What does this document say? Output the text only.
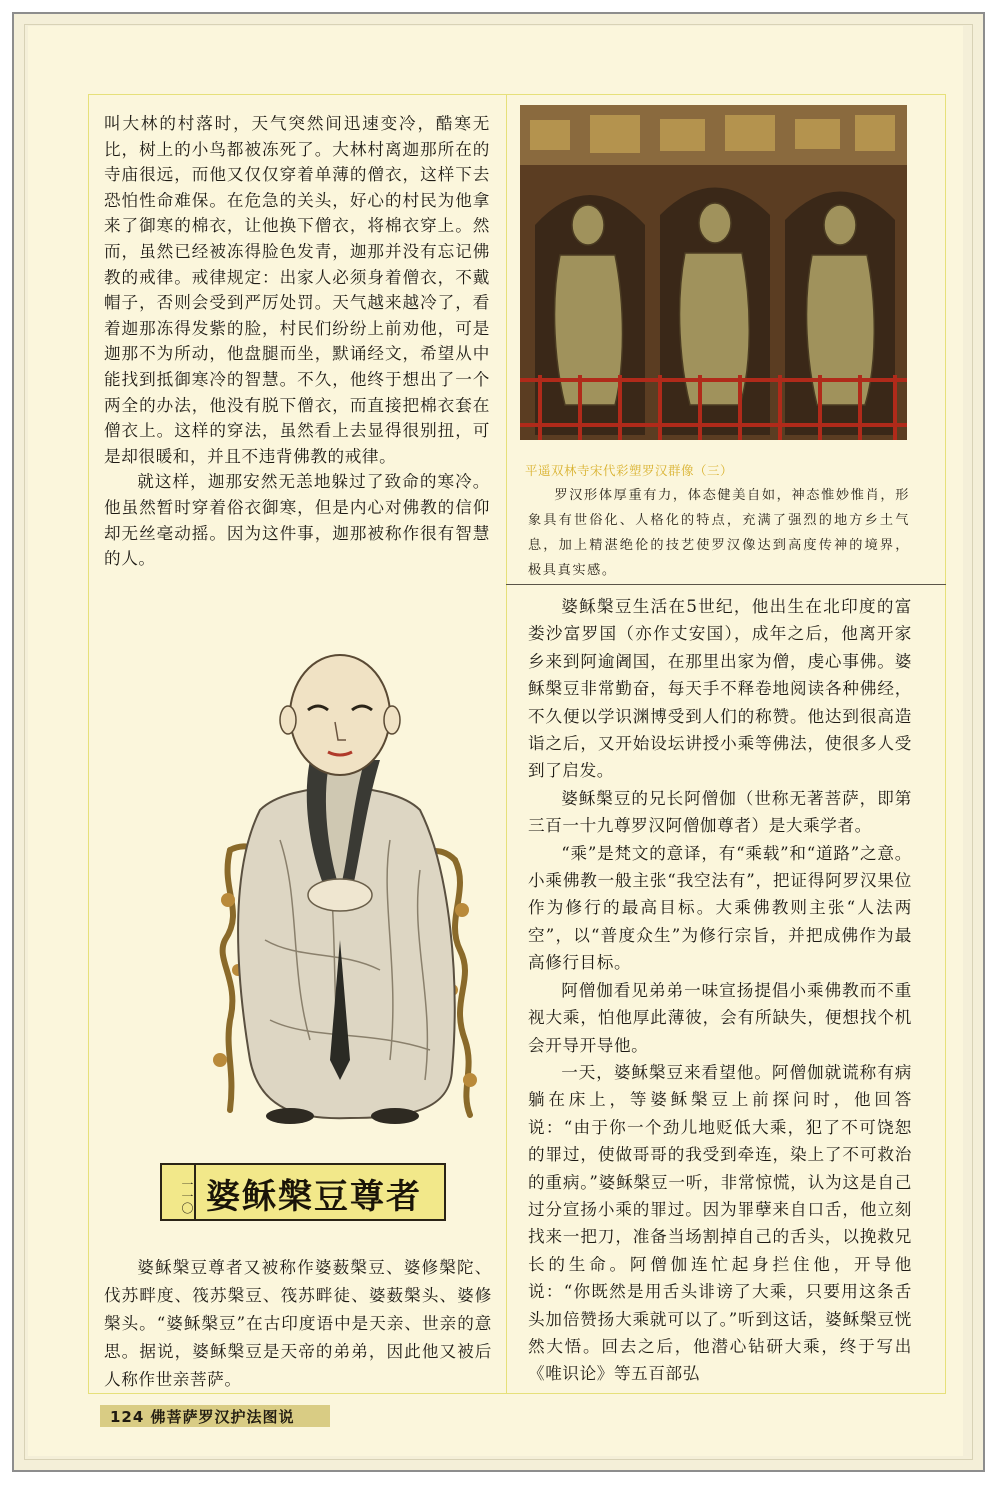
叫大林的村落时，天气突然间迅速变冷，酷寒无比，树上的小鸟都被冻死了。大林村离迦那所在的寺庙很远，而他又仅仅穿着单薄的僧衣，这样下去恐怕性命难保。在危急的关头，好心的村民为他拿来了御寒的棉衣，让他换下僧衣，将棉衣穿上。然而，虽然已经被冻得脸色发青，迦那并没有忘记佛教的戒律。戒律规定：出家人必须身着僧衣，不戴帽子，否则会受到严厉处罚。天气越来越冷了，看着迦那冻得发紫的脸，村民们纷纷上前劝他，可是迦那不为所动，他盘腿而坐，默诵经文，希望从中能找到抵御寒冷的智慧。不久，他终于想出了一个两全的办法，他没有脱下僧衣，而直接把棉衣套在僧衣上。这样的穿法，虽然看上去显得很别扭，可是却很暖和，并且不违背佛教的戒律。

就这样，迦那安然无恙地躲过了致命的寒冷。他虽然暂时穿着俗衣御寒，但是内心对佛教的信仰却无丝毫动摇。因为这件事，迦那被称作很有智慧的人。

一一〇 婆稣槃豆尊者

婆稣槃豆尊者又被称作婆薮槃豆、婆修槃陀、伐苏畔度、筏苏槃豆、筏苏畔徒、婆薮槃头、婆修槃头。“婆稣槃豆”在古印度语中是天亲、世亲的意思。据说，婆稣槃豆是天帝的弟弟，因此他又被后人称作世亲菩萨。

平遥双林寺宋代彩塑罗汉群像（三）
罗汉形体厚重有力，体态健美自如，神态惟妙惟肖，形象具有世俗化、人格化的特点，充满了强烈的地方乡土气息，加上精湛绝伦的技艺使罗汉像达到高度传神的境界，极具真实感。

婆稣槃豆生活在5世纪，他出生在北印度的富娄沙富罗国（亦作丈安国），成年之后，他离开家乡来到阿逾阇国，在那里出家为僧，虔心事佛。婆稣槃豆非常勤奋，每天手不释卷地阅读各种佛经，不久便以学识渊博受到人们的称赞。他达到很高造诣之后，又开始设坛讲授小乘等佛法，使很多人受到了启发。

婆稣槃豆的兄长阿僧伽（世称无著菩萨，即第三百一十九尊罗汉阿僧伽尊者）是大乘学者。

“乘”是梵文的意译，有“乘载”和“道路”之意。小乘佛教一般主张“我空法有”，把证得阿罗汉果位作为修行的最高目标。大乘佛教则主张“人法两空”，以“普度众生”为修行宗旨，并把成佛作为最高修行目标。

阿僧伽看见弟弟一味宣扬提倡小乘佛教而不重视大乘，怕他厚此薄彼，会有所缺失，便想找个机会开导开导他。

一天，婆稣槃豆来看望他。阿僧伽就谎称有病躺在床上，等婆稣槃豆上前探问时，他回答说：“由于你一个劲儿地贬低大乘，犯了不可饶恕的罪过，使做哥哥的我受到牵连，染上了不可救治的重病。”婆稣槃豆一听，非常惊慌，认为这是自己过分宣扬小乘的罪过。因为罪孽来自口舌，他立刻找来一把刀，准备当场割掉自己的舌头，以挽救兄长的生命。阿僧伽连忙起身拦住他，开导他说：“你既然是用舌头诽谤了大乘，只要用这条舌头加倍赞扬大乘就可以了。”听到这话，婆稣槃豆恍然大悟。回去之后，他潜心钻研大乘，终于写出《唯识论》等五百部弘

124 佛菩萨罗汉护法图说
